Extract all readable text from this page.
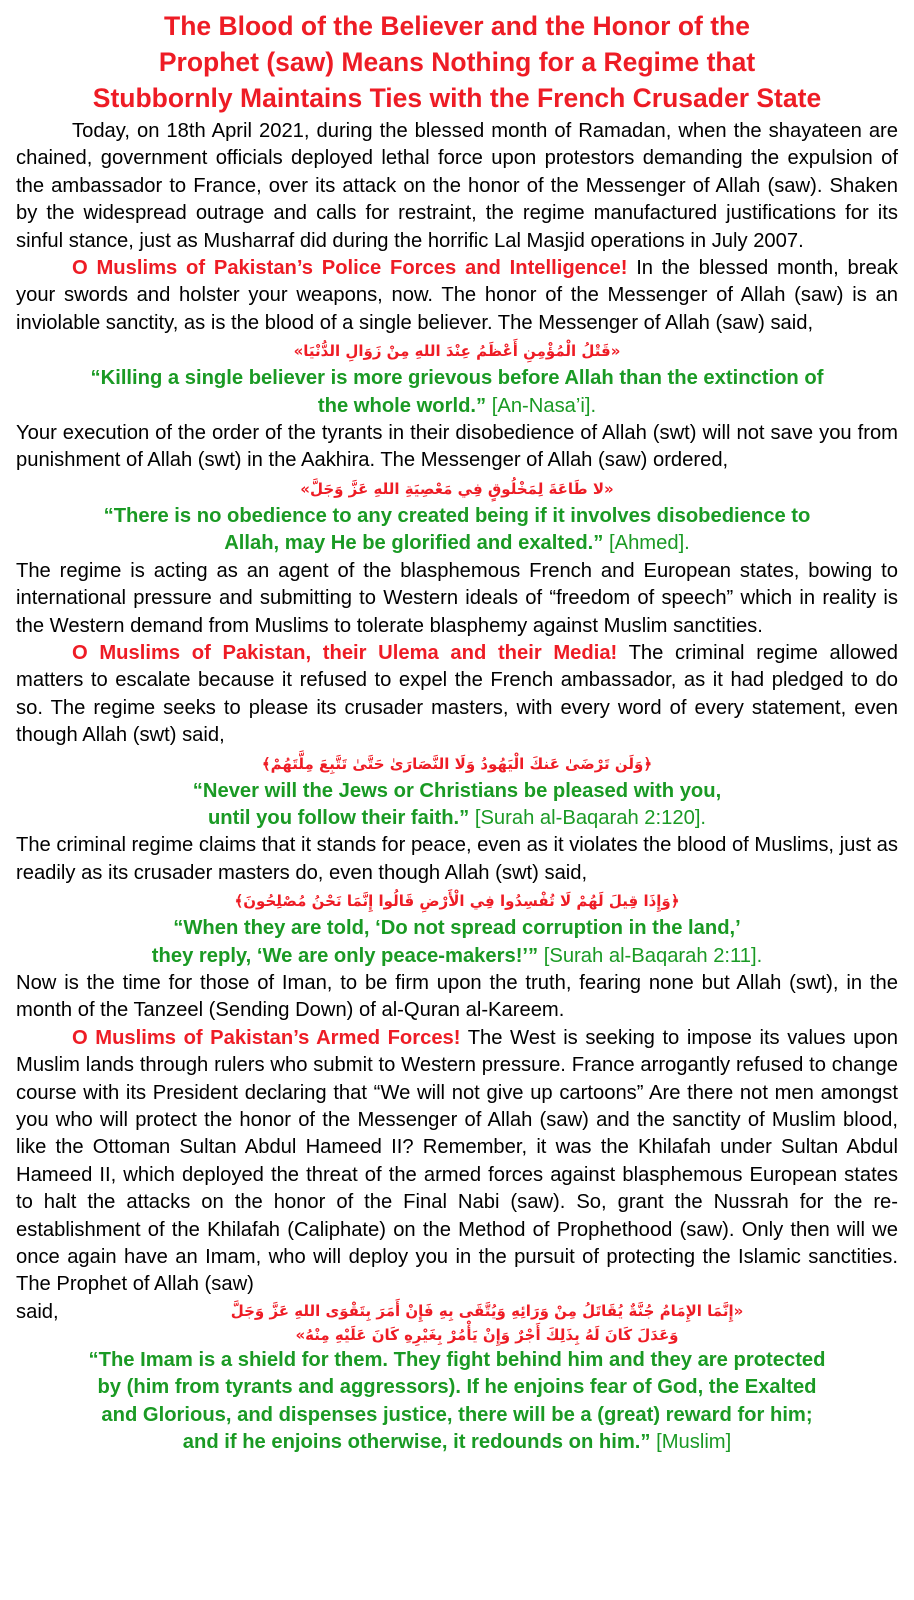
The Blood of the Believer and the Honor of the
Prophet (saw) Means Nothing for a Regime that
Stubbornly Maintains Ties with the French Crusader State

Today, on 18th April 2021, during the blessed month of Ramadan, when the shayateen are chained, government officials deployed lethal force upon protestors demanding the expulsion of the ambassador to France, over its attack on the honor of the Messenger of Allah (saw). Shaken by the widespread outrage and calls for restraint, the regime manufactured justifications for its sinful stance, just as Musharraf did during the horrific Lal Masjid operations in July 2007.

O Muslims of Pakistan’s Police Forces and Intelligence! In the blessed month, break your swords and holster your weapons, now. The honor of the Messenger of Allah (saw) is an inviolable sanctity, as is the blood of a single believer. The Messenger of Allah (saw) said,

«قَتْلُ الْمُؤْمِنِ أَعْظَمُ عِنْدَ اللهِ مِنْ زَوَالِ الدُّنْيَا»

“Killing a single believer is more grievous before Allah than the extinction of
the whole world.” [An-Nasa’i].

Your execution of the order of the tyrants in their disobedience of Allah (swt) will not save you from punishment of Allah (swt) in the Aakhira. The Messenger of Allah (saw) ordered,

«لا طَاعَةَ لِمَخْلُوقٍ فِي مَعْصِيَةِ اللهِ عَزَّ وَجَلَّ»

“There is no obedience to any created being if it involves disobedience to
Allah, may He be glorified and exalted.” [Ahmed].

The regime is acting as an agent of the blasphemous French and European states, bowing to international pressure and submitting to Western ideals of “freedom of speech” which in reality is the Western demand from Muslims to tolerate blasphemy against Muslim sanctities.

O Muslims of Pakistan, their Ulema and their Media! The criminal regime allowed matters to escalate because it refused to expel the French ambassador, as it had pledged to do so. The regime seeks to please its crusader masters, with every word of every statement, even though Allah (swt) said,

﴿وَلَن تَرْضَىٰ عَنكَ الْيَهُودُ وَلَا النَّصَارَىٰ حَتَّىٰ تَتَّبِعَ مِلَّتَهُمْ﴾

“Never will the Jews or Christians be pleased with you,
until you follow their faith.” [Surah al-Baqarah 2:120].

The criminal regime claims that it stands for peace, even as it violates the blood of Muslims, just as readily as its crusader masters do, even though Allah (swt) said,

﴿وَإِذَا قِيلَ لَهُمْ لَا تُفْسِدُوا فِي الْأَرْضِ قَالُوا إِنَّمَا نَحْنُ مُصْلِحُونَ﴾

“When they are told, ‘Do not spread corruption in the land,’
they reply, ‘We are only peace-makers!’” [Surah al-Baqarah 2:11].

Now is the time for those of Iman, to be firm upon the truth, fearing none but Allah (swt), in the month of the Tanzeel (Sending Down) of al-Quran al-Kareem.

O Muslims of Pakistan’s Armed Forces! The West is seeking to impose its values upon Muslim lands through rulers who submit to Western pressure. France arrogantly refused to change course with its President declaring that “We will not give up cartoons” Are there not men amongst you who will protect the honor of the Messenger of Allah (saw) and the sanctity of Muslim blood, like the Ottoman Sultan Abdul Hameed II? Remember, it was the Khilafah under Sultan Abdul Hameed II, which deployed the threat of the armed forces against blasphemous European states to halt the attacks on the honor of the Final Nabi (saw). So, grant the Nussrah for the re-establishment of the Khilafah (Caliphate) on the Method of Prophethood (saw). Only then will we once again have an Imam, who will deploy you in the pursuit of protecting the Islamic sanctities. The Prophet of Allah (saw)

said,	«إِنَّمَا الإِمَامُ جُنَّةٌ يُقَاتَلُ مِنْ وَرَائِهِ وَيُتَّقَى بِهِ فَإِنْ أَمَرَ بِتَقْوَى اللهِ عَزَّ وَجَلَّ
وَعَدَلَ كَانَ لَهُ بِذَلِكَ أَجْرٌ وَإِنْ يَأْمُرْ بِغَيْرِهِ كَانَ عَلَيْهِ مِنْهُ»

“The Imam is a shield for them. They fight behind him and they are protected
by (him from tyrants and aggressors). If he enjoins fear of God, the Exalted
and Glorious, and dispenses justice, there will be a (great) reward for him;
and if he enjoins otherwise, it redounds on him.” [Muslim]
